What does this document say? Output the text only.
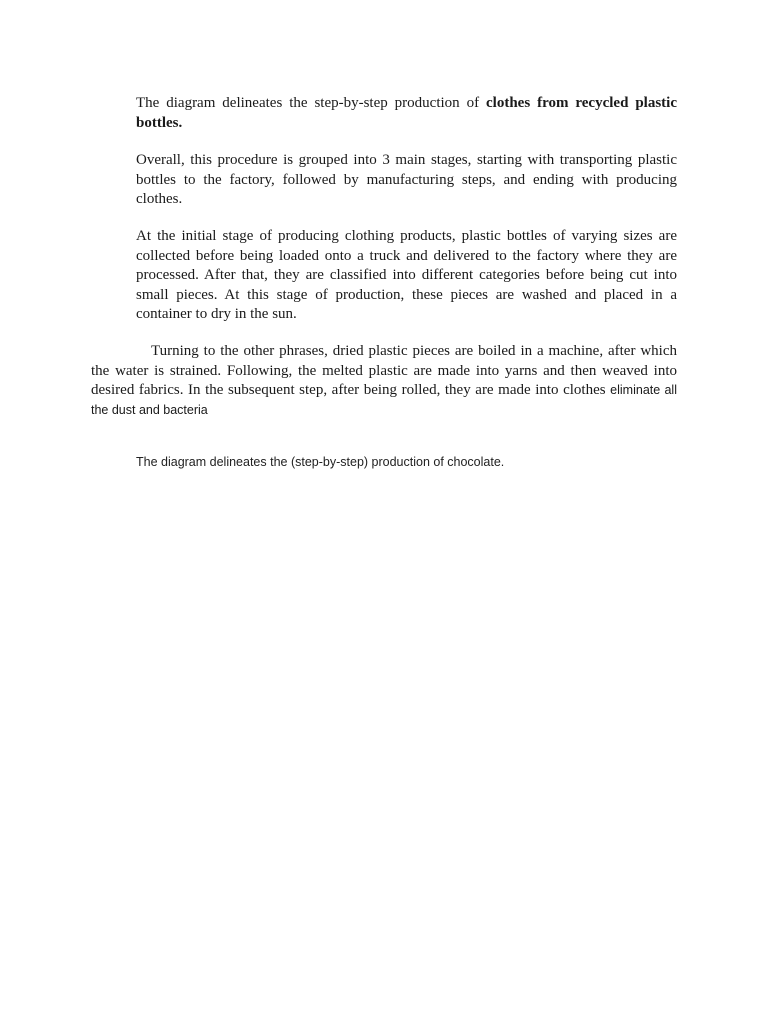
The diagram delineates the step-by-step production of clothes from recycled plastic bottles.

Overall, this procedure is grouped into 3 main stages, starting with transporting plastic bottles to the factory, followed by manufacturing steps, and ending with producing clothes.

At the initial stage of producing clothing products, plastic bottles of varying sizes are collected before being loaded onto a truck and delivered to the factory where they are processed. After that, they are classified into different categories before being cut into small pieces. At this stage of production, these pieces are washed and placed in a container to dry in the sun.

Turning to the other phrases, dried plastic pieces are boiled in a machine, after which the water is strained. Following, the melted plastic are made into yarns and then weaved into desired fabrics. In the subsequent step, after being rolled, they are made into clothes eliminate all the dust and bacteria

The diagram delineates the (step-by-step) production of chocolate.
